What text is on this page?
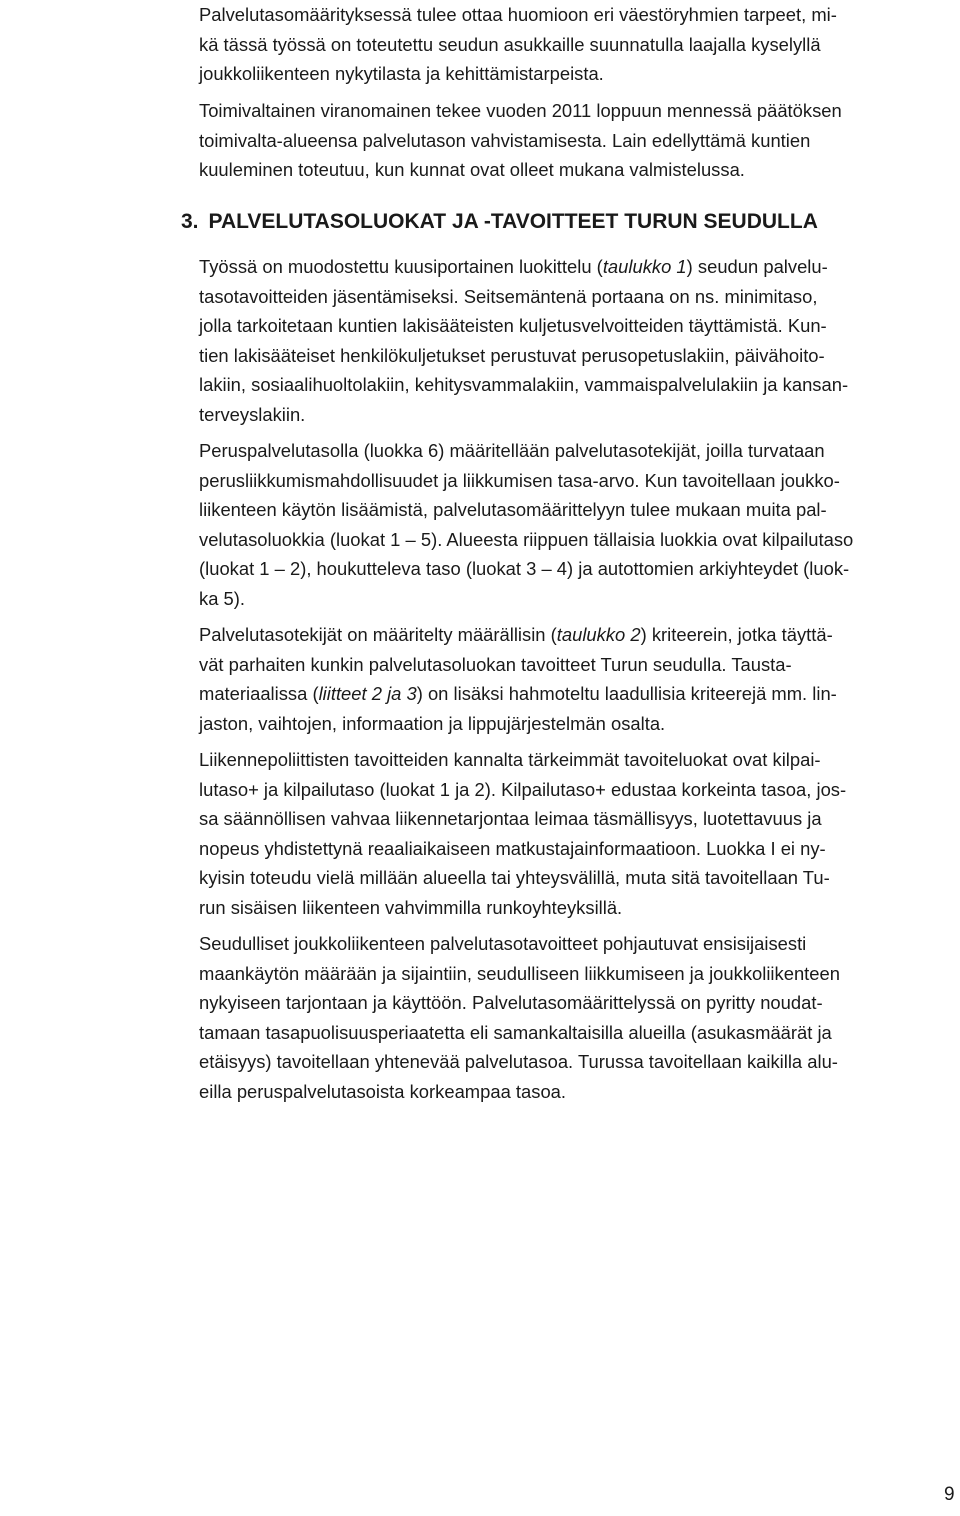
Palvelutasomäärityksessä tulee ottaa huomioon eri väestöryhmien tarpeet, mi-
kä tässä työssä on toteutettu seudun asukkaille suunnatulla laajalla kyselyllä
joukkoliikenteen nykytilasta ja kehittämistarpeista.
Toimivaltainen viranomainen tekee vuoden 2011 loppuun mennessä päätöksen
toimivalta-alueensa palvelutason vahvistamisesta. Lain edellyttämä kuntien
kuuleminen toteutuu, kun kunnat ovat olleet mukana valmistelussa.
3. PALVELUTASOLUOKAT JA -TAVOITTEET TURUN SEUDULLA
Työssä on muodostettu kuusiportainen luokittelu (taulukko 1) seudun palvelu-
tasotavoitteiden jäsentämiseksi. Seitsemäntenä portaana on ns. minimitaso,
jolla tarkoitetaan kuntien lakisääteisten kuljetusvelvoitteiden täyttämistä. Kun-
tien lakisääteiset henkilökuljetukset perustuvat perusopetuslakiin, päivähoito-
lakiin, sosiaalihuoltolakiin, kehitysvammalakiin, vammaispalvelulakiin ja kansan-
terveyslakiin.
Peruspalvelutasolla (luokka 6) määritellään palvelutasotekijät, joilla turvataan
perusliikkumismahdollisuudet ja liikkumisen tasa-arvo. Kun tavoitellaan joukko-
liikenteen käytön lisäämistä, palvelutasomäärittelyyn tulee mukaan muita pal-
velutasoluokkia (luokat 1 – 5). Alueesta riippuen tällaisia luokkia ovat kilpailutaso
(luokat 1 – 2), houkutteleva taso (luokat 3 – 4) ja autottomien arkiyhteydet (luok-
ka 5).
Palvelutasotekijät on määritelty määrällisin (taulukko 2) kriteerein, jotka täyttä-
vät parhaiten kunkin palvelutasoluokan tavoitteet Turun seudulla. Tausta-
materiaalissa (liitteet 2 ja 3) on lisäksi hahmoteltu laadullisia kriteerejä mm. lin-
jaston, vaihtojen, informaation ja lippujärjestelmän osalta.
Liikennepoliittisten tavoitteiden kannalta tärkeimmät tavoiteluokat ovat kilpai-
lutaso+ ja kilpailutaso (luokat 1 ja 2). Kilpailutaso+ edustaa korkeinta tasoa, jos-
sa säännöllisen vahvaa liikennetarjontaa leimaa täsmällisyys, luotettavuus ja
nopeus yhdistettynä reaaliaikaiseen matkustajainformaatioon. Luokka I ei ny-
kyisin toteudu vielä millään alueella tai yhteysvälillä, muta sitä tavoitellaan Tu-
run sisäisen liikenteen vahvimmilla runkoyhteyksillä.
Seudulliset joukkoliikenteen palvelutasotavoitteet pohjautuvat ensisijaisesti
maankäytön määrään ja sijaintiin, seudulliseen liikkumiseen ja joukkoliikenteen
nykyiseen tarjontaan ja käyttöön. Palvelutasomäärittelyssä on pyritty noudat-
tamaan tasapuolisuusperiaatetta eli samankaltaisilla alueilla (asukasmäärät ja
etäisyys) tavoitellaan yhtenevää palvelutasoa. Turussa tavoitellaan kaikilla alu-
eilla peruspalvelutasoista korkeampaa tasoa.
9
